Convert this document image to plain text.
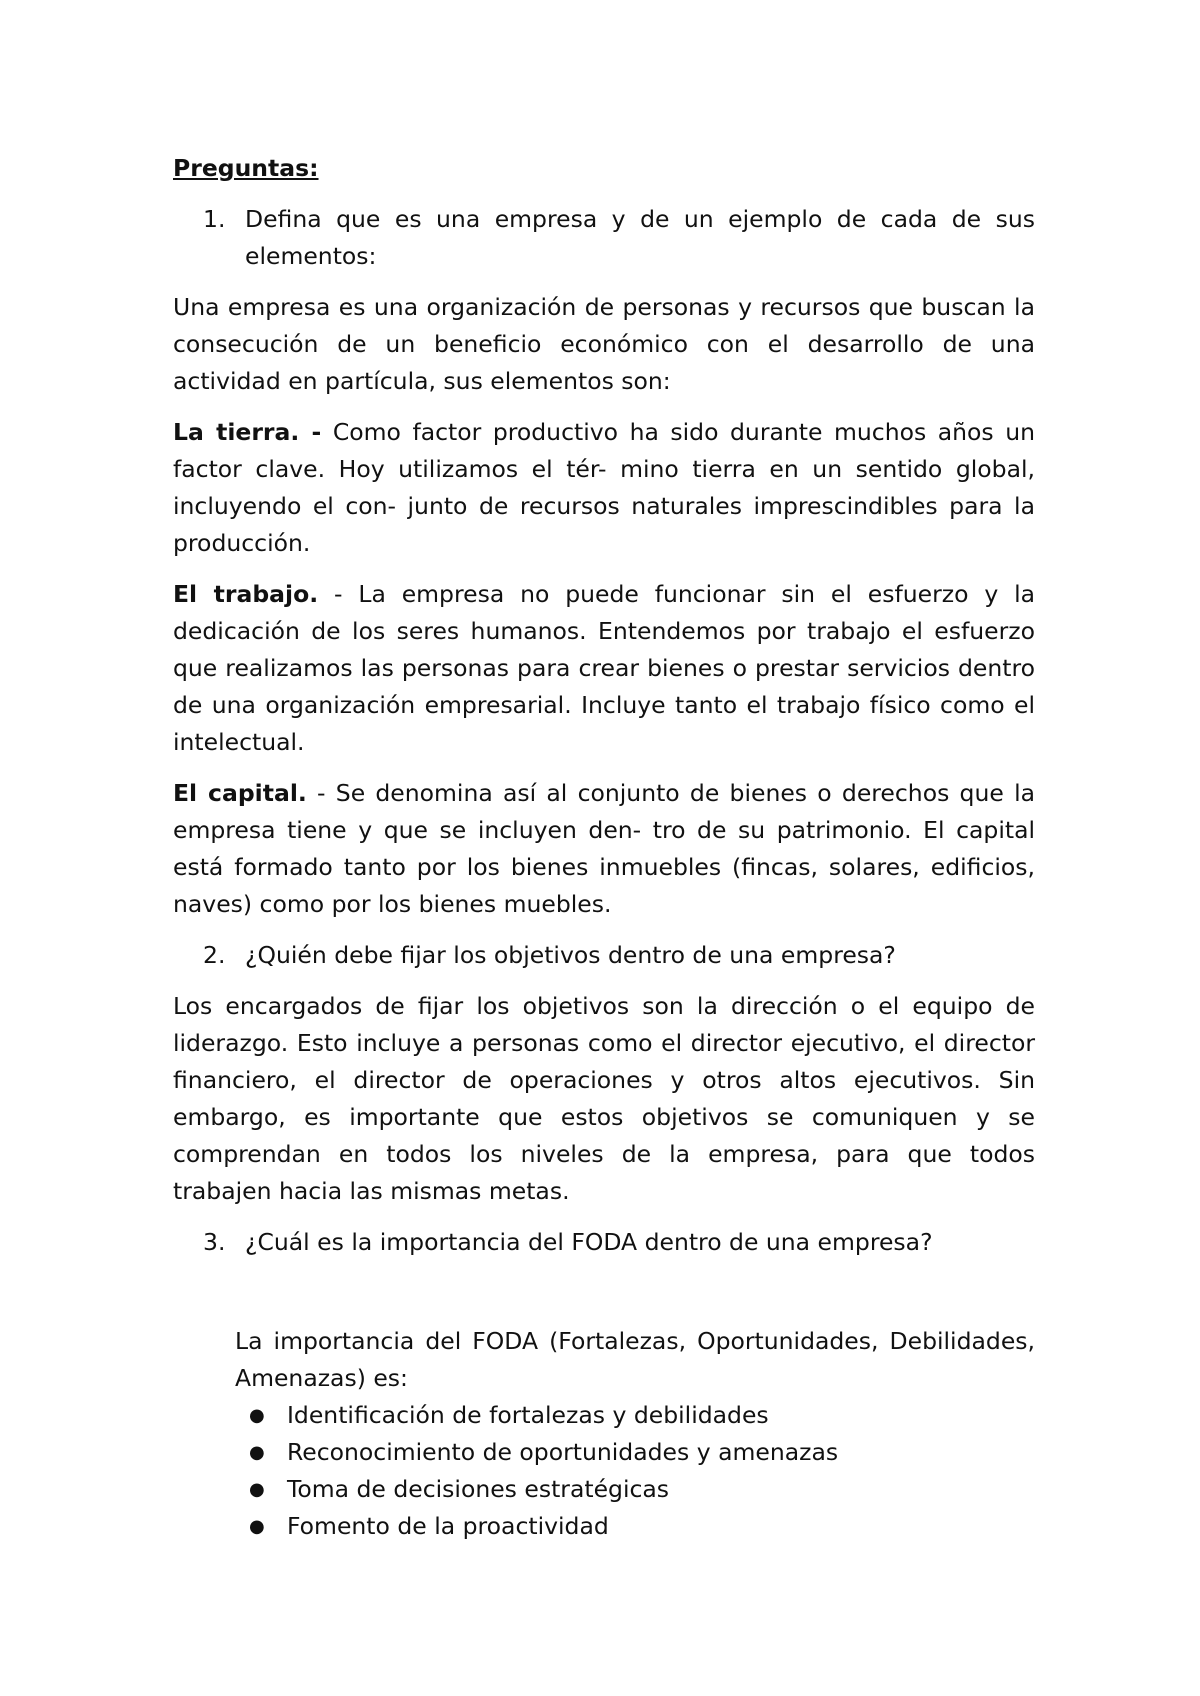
Preguntas:
1. Defina que es una empresa y de un ejemplo de cada de sus elementos:

Una empresa es una organización de personas y recursos que buscan la consecución de un beneficio económico con el desarrollo de una actividad en partícula, sus elementos son:

La tierra. - Como factor productivo ha sido durante muchos años un factor clave. Hoy utilizamos el tér- mino tierra en un sentido global, incluyendo el con- junto de recursos naturales imprescindibles para la producción.

El trabajo. - La empresa no puede funcionar sin el esfuerzo y la dedicación de los seres humanos. Entendemos por trabajo el esfuerzo que realizamos las personas para crear bienes o prestar servicios dentro de una organización empresarial. Incluye tanto el trabajo físico como el intelectual.

El capital. - Se denomina así al conjunto de bienes o derechos que la empresa tiene y que se incluyen den- tro de su patrimonio. El capital está formado tanto por los bienes inmuebles (fincas, solares, edificios, naves) como por los bienes muebles.

2. ¿Quién debe fijar los objetivos dentro de una empresa?

Los encargados de fijar los objetivos son la dirección o el equipo de liderazgo. Esto incluye a personas como el director ejecutivo, el director financiero, el director de operaciones y otros altos ejecutivos. Sin embargo, es importante que estos objetivos se comuniquen y se comprendan en todos los niveles de la empresa, para que todos trabajen hacia las mismas metas.

3. ¿Cuál es la importancia del FODA dentro de una empresa?
La importancia del FODA (Fortalezas, Oportunidades, Debilidades, Amenazas) es:
● Identificación de fortalezas y debilidades
● Reconocimiento de oportunidades y amenazas
● Toma de decisiones estratégicas
● Fomento de la proactividad
